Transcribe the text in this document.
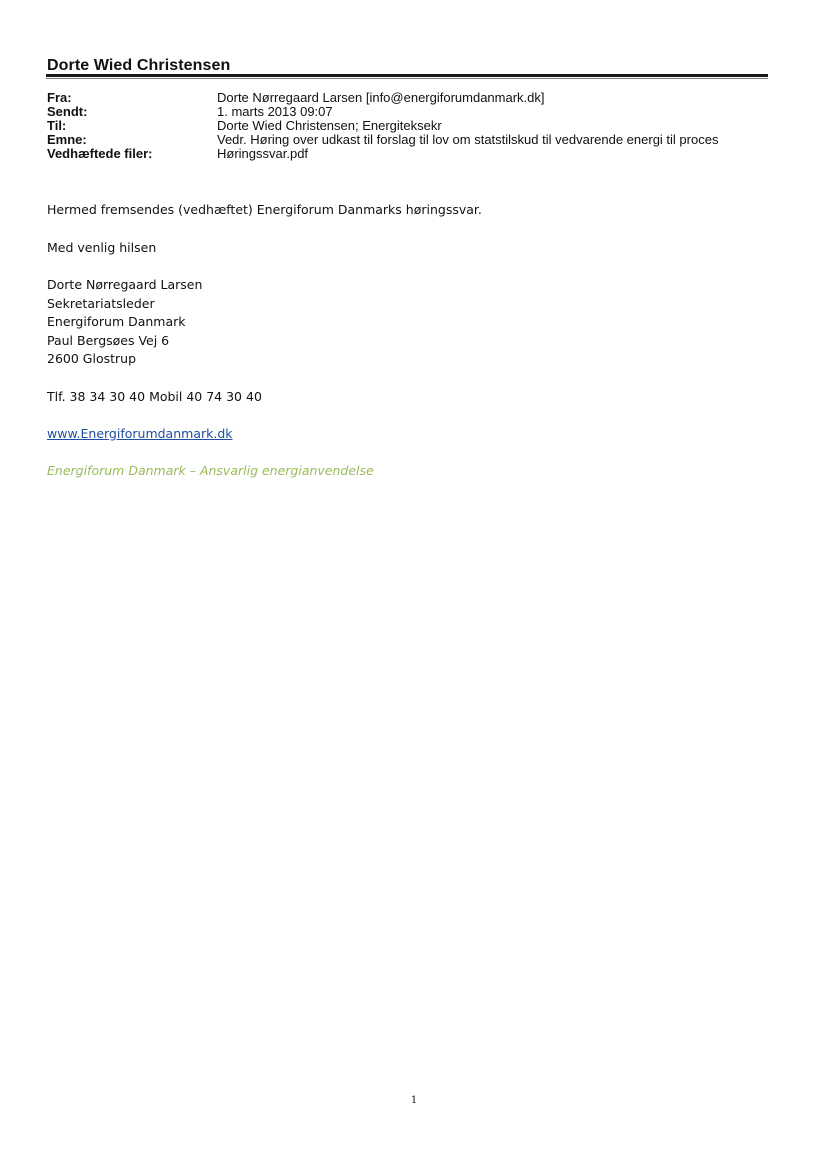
Dorte Wied Christensen
Fra:	Dorte Nørregaard Larsen [info@energiforumdanmark.dk]
Sendt:	1. marts 2013 09:07
Til:	Dorte Wied Christensen; Energiteksekr
Emne:	Vedr. Høring over udkast til forslag til lov om statstilskud til vedvarende energi til proces
Vedhæftede filer:	Høringssvar.pdf
Hermed fremsendes (vedhæftet) Energiforum Danmarks høringssvar.
Med venlig hilsen
Dorte Nørregaard Larsen
Sekretariatsleder
Energiforum Danmark
Paul Bergsøes Vej 6
2600 Glostrup
Tlf. 38 34 30 40 Mobil 40 74 30 40
www.Energiforumdanmark.dk
Energiforum Danmark – Ansvarlig energianvendelse
1
